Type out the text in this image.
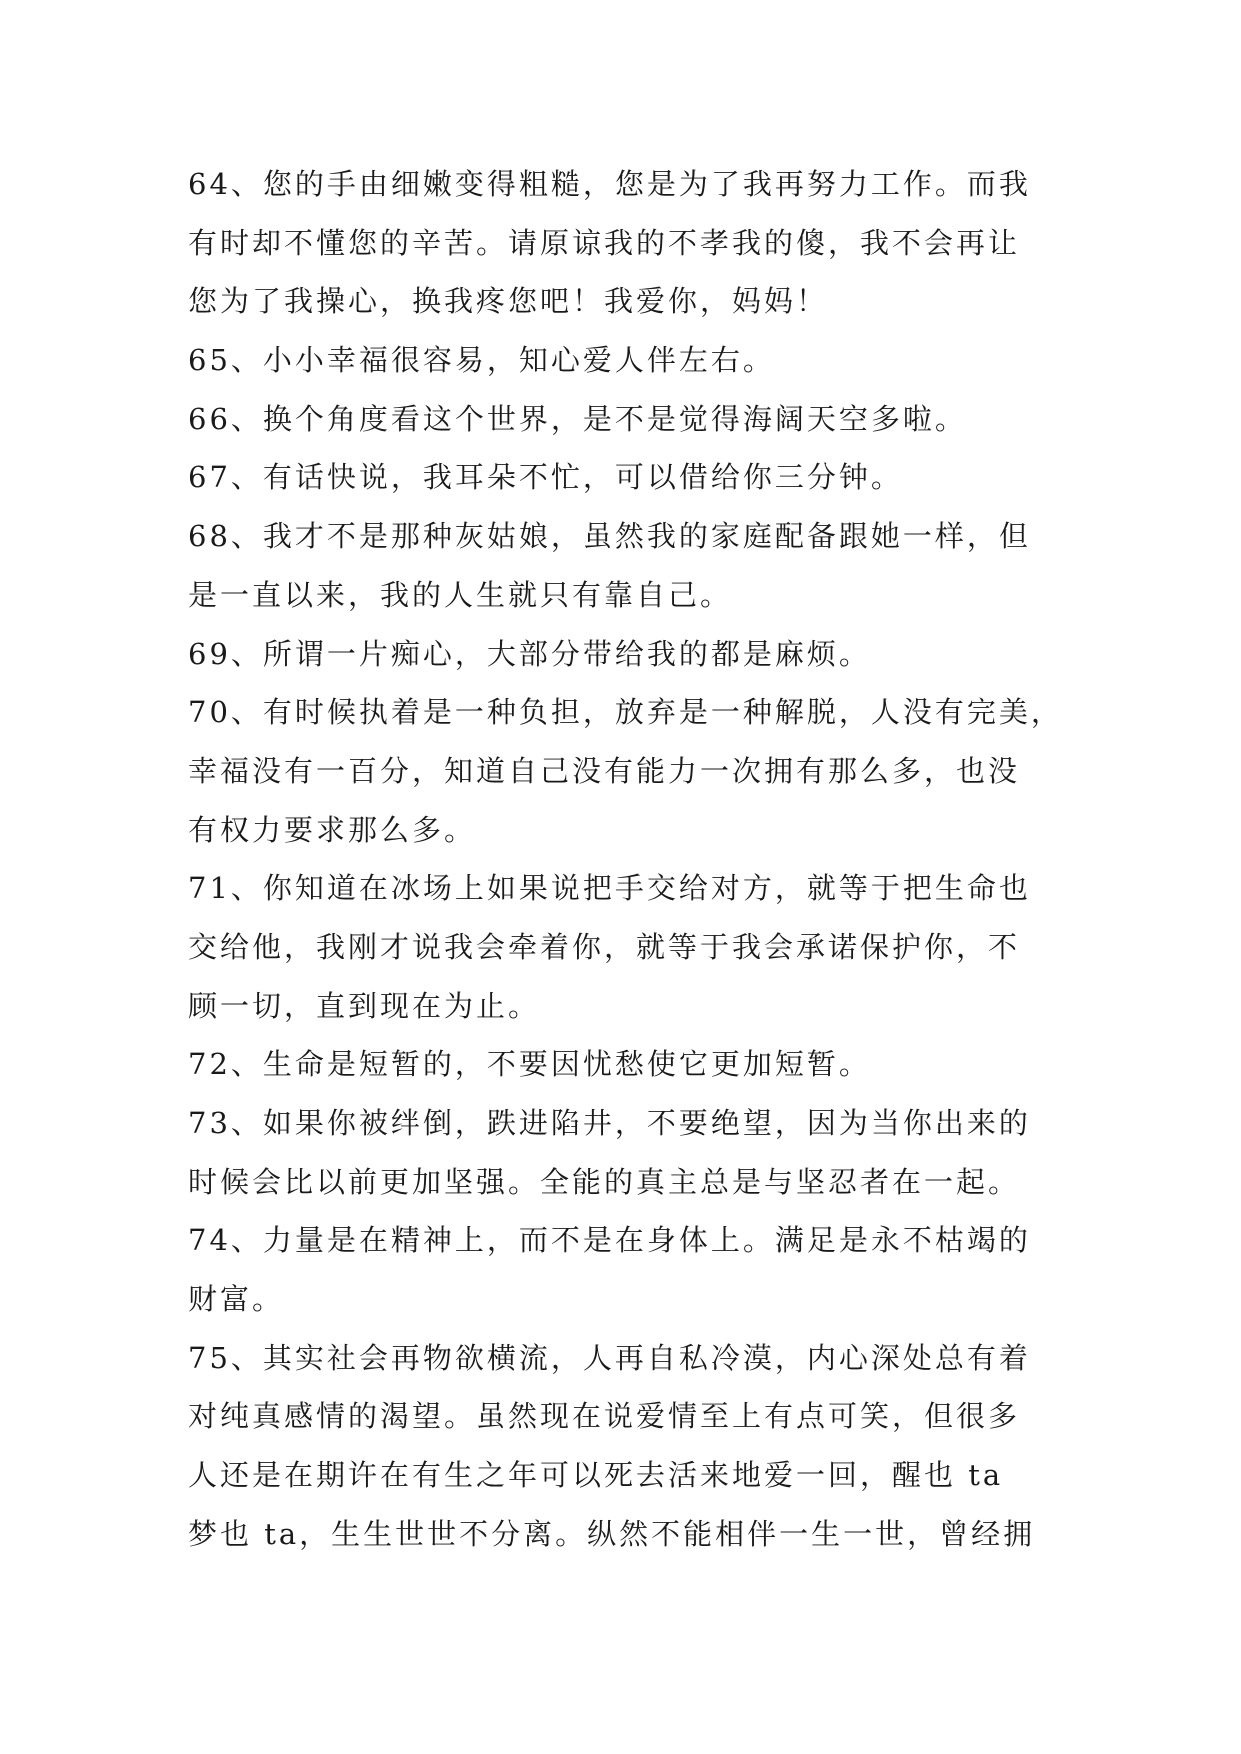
64、您的手由细嫩变得粗糙，您是为了我再努力工作。而我
有时却不懂您的辛苦。请原谅我的不孝我的傻，我不会再让
您为了我操心，换我疼您吧！我爱你，妈妈！
65、小小幸福很容易，知心爱人伴左右。
66、换个角度看这个世界，是不是觉得海阔天空多啦。
67、有话快说，我耳朵不忙，可以借给你三分钟。
68、我才不是那种灰姑娘，虽然我的家庭配备跟她一样，但
是一直以来，我的人生就只有靠自己。
69、所谓一片痴心，大部分带给我的都是麻烦。
70、有时候执着是一种负担，放弃是一种解脱，人没有完美，
幸福没有一百分，知道自己没有能力一次拥有那么多，也没
有权力要求那么多。
71、你知道在冰场上如果说把手交给对方，就等于把生命也
交给他，我刚才说我会牵着你，就等于我会承诺保护你，不
顾一切，直到现在为止。
72、生命是短暂的，不要因忧愁使它更加短暂。
73、如果你被绊倒，跌进陷井，不要绝望，因为当你出来的
时候会比以前更加坚强。全能的真主总是与坚忍者在一起。
74、力量是在精神上，而不是在身体上。满足是永不枯竭的
财富。
75、其实社会再物欲横流，人再自私冷漠，内心深处总有着
对纯真感情的渴望。虽然现在说爱情至上有点可笑，但很多
人还是在期许在有生之年可以死去活来地爱一回，醒也 ta
梦也 ta，生生世世不分离。纵然不能相伴一生一世，曾经拥
